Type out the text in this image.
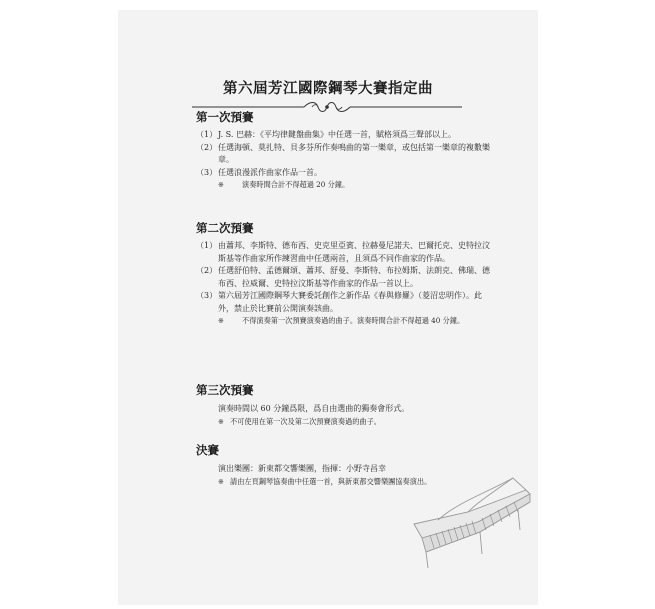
第六屆芳江國際鋼琴大賽指定曲
第一次預賽
（1） J. S. 巴赫：《平均律鍵盤曲集》中任選一首，賦格須爲三聲部以上。
（2） 任選海頓、莫扎特、貝多芬所作奏鳴曲的第一樂章，或包括第一樂章的複數樂章。
（3） 任選浪漫派作曲家作品一首。
※ 演奏時間合計不得超過 20 分鐘。
第二次預賽
（1） 由蕭邦、李斯特、德布西、史克里亞賓、拉赫曼尼諾夫、巴爾托克、史特拉汶斯基等作曲家所作練習曲中任選兩首，且須爲不同作曲家的作品。
（2） 任選舒伯特、孟德爾頌、蕭邦、舒曼、李斯特、布拉姆斯、法朗克、佛瑞、德布西、拉威爾、史特拉汶斯基等作曲家的作品一首以上。
（3） 第六屆芳江國際鋼琴大賽委託創作之新作品《春與修羅》（菱沼忠明作）。此外，禁止於比賽前公開演奏該曲。
※ 不得演奏第一次預賽演奏過的曲子。演奏時間合計不得超過 40 分鐘。
第三次預賽
演奏時間以 60 分鐘爲限，爲自由選曲的獨奏會形式。
※ 不可使用在第一次及第二次預賽演奏過的曲子。
決賽
演出樂團：新東都交響樂團，指揮：小野寺昌幸
※ 請由左頁鋼琴協奏曲中任選一首，與新東都交響樂團協奏演出。
